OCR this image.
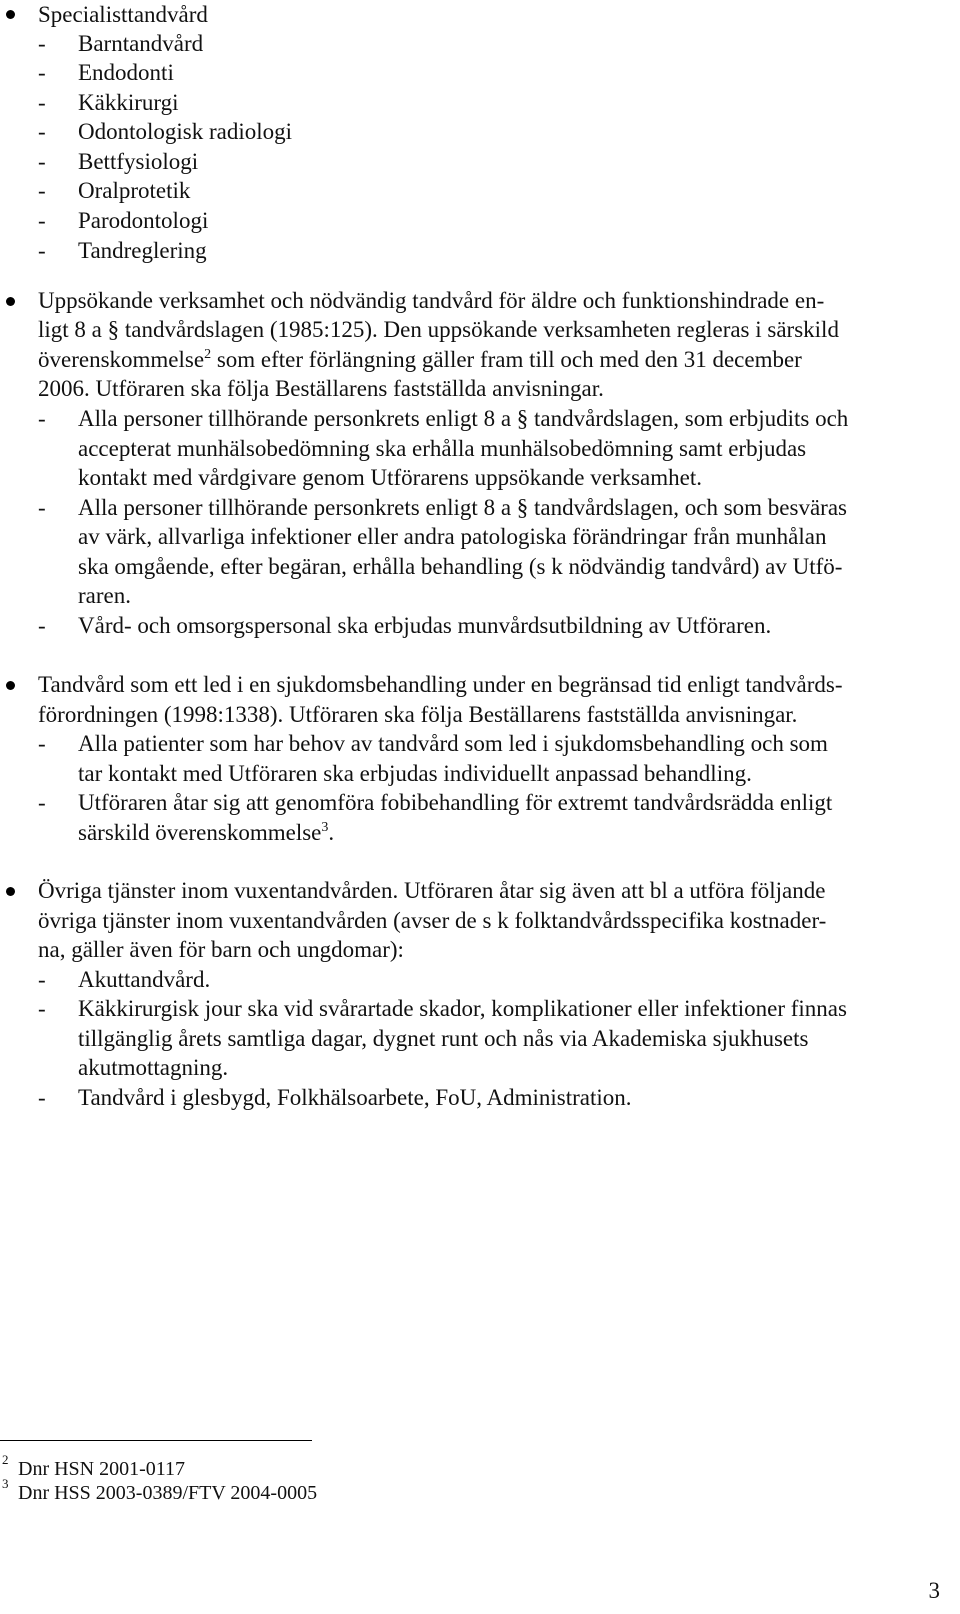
Specialisttandvård
- Barntandvård
- Endodonti
- Käkkirurgi
- Odontologisk radiologi
- Bettfysiologi
- Oralprotetik
- Parodontologi
- Tandreglering
Uppsökande verksamhet och nödvändig tandvård för äldre och funktionshindrade en-
ligt 8 a § tandvårdslagen (1985:125). Den uppsökande verksamheten regleras i särskild
överenskommelse$^2$ som efter förlängning gäller fram till och med den 31 december
2006. Utföraren ska följa Beställarens fastställda anvisningar.
- Alla personer tillhörande personkrets enligt 8 a § tandvårdslagen, som erbjudits och
accepterat munhälsobedömning ska erhålla munhälsobedömning samt erbjudas
kontakt med vårdgivare genom Utförarens uppsökande verksamhet.
- Alla personer tillhörande personkrets enligt 8 a § tandvårdslagen, och som besväras
av värk, allvarliga infektioner eller andra patologiska förändringar från munhålan
ska omgående, efter begäran, erhålla behandling (s k nödvändig tandvård) av Utfö-
raren.
- Vård- och omsorgspersonal ska erbjudas munvårdsutbildning av Utföraren.
Tandvård som ett led i en sjukdomsbehandling under en begränsad tid enligt tandvårds-
förordningen (1998:1338). Utföraren ska följa Beställarens fastställda anvisningar.
- Alla patienter som har behov av tandvård som led i sjukdomsbehandling och som
tar kontakt med Utföraren ska erbjudas individuellt anpassad behandling.
- Utföraren åtar sig att genomföra fobibehandling för extremt tandvårdsrädda enligt
särskild överenskommelse$^3$.
Övriga tjänster inom vuxentandvården. Utföraren åtar sig även att bl a utföra följande
övriga tjänster inom vuxentandvården (avser de s k folktandvårdsspecifika kostnader-
na, gäller även för barn och ungdomar):
- Akuttandvård.
- Käkkirurgisk jour ska vid svårartade skador, komplikationer eller infektioner finnas
tillgänglig årets samtliga dagar, dygnet runt och nås via Akademiska sjukhusets
akutmottagning.
- Tandvård i glesbygd, Folkhälsoarbete, FoU, Administration.
2 Dnr HSN 2001-0117
3 Dnr HSS 2003-0389/FTV 2004-0005
3
